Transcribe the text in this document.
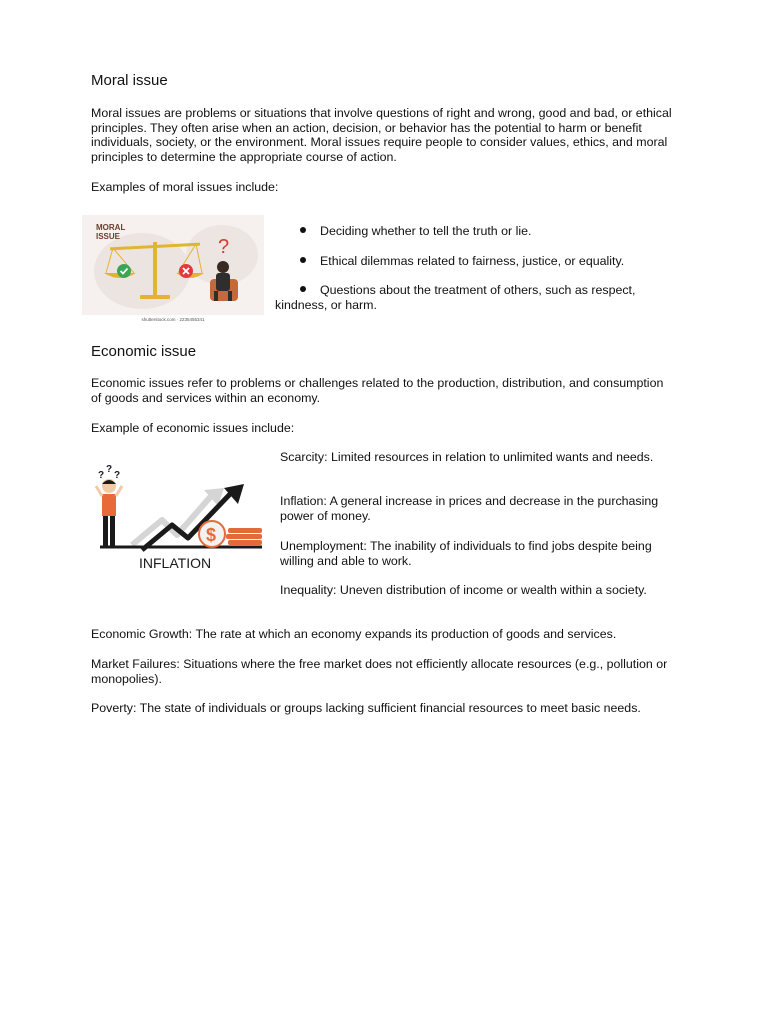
Moral issue
Moral issues are problems or situations that involve questions of right and wrong, good and bad, or ethical principles. They often arise when an action, decision, or behavior has the potential to harm or benefit individuals, society, or the environment. Moral issues require people to consider values, ethics, and moral principles to determine the appropriate course of action.
Examples of moral issues include:
MORAL
ISSUE	?
shutterstock.com · 2235455341
Deciding whether to tell the truth or lie.
Ethical dilemmas related to fairness, justice, or equality.
Questions about the treatment of others, such as respect, kindness, or harm.
Economic issue
Economic issues refer to problems or challenges related to the production, distribution, and consumption of goods and services within an economy.
Example of economic issues include:
$
?
?
?
INFLATION
Scarcity: Limited resources in relation to unlimited wants and needs.
Inflation: A general increase in prices and decrease in the purchasing power of money.
Unemployment: The inability of individuals to find jobs despite being willing and able to work.
Inequality: Uneven distribution of income or wealth within a society.
Economic Growth: The rate at which an economy expands its production of goods and services.
Market Failures: Situations where the free market does not efficiently allocate resources (e.g., pollution or monopolies).
Poverty: The state of individuals or groups lacking sufficient financial resources to meet basic needs.
